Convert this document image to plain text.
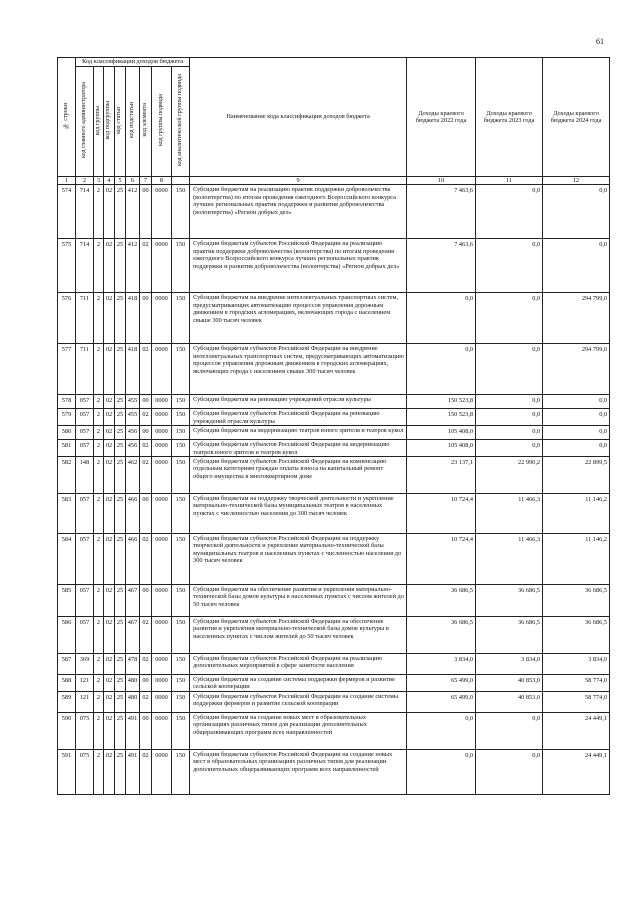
61
№ строки	Код классификации доходов бюджета								Наименование кода классификации доходов бюджета	Доходы краевого бюджета 2022 года	Доходы краевого бюджета 2023 года	Доходы краевого бюджета 2024 года
	код главного администратора	код группы	код подгруппы	код статьи	код подстатьи	код элемента	код группы подвида	код аналитической группы подвида				
1	2	3	4	5	6	7	8		9	10	11	12
574	714	2	02	25	412	00	0000	150	Субсидии бюджетам на реализацию практик поддержки добровольчества (волонтерства) по итогам проведения ежегодного Всероссийского конкурса лучших региональных практик поддержки и развития добровольчества (волонтерства) «Регион добрых дел»	7 463,6	0,0	0,0
575	714	2	02	25	412	02	0000	150	Субсидии бюджетам субъектов Российской Федерации на реализацию практик поддержки добровольчества (волонтерства) по итогам проведения ежегодного Всероссийского конкурса лучших региональных практик поддержки и развития добровольчества (волонтерства) «Регион добрых дел»	7 463,6	0,0	0,0
576	711	2	02	25	418	00	0000	150	Субсидии бюджетам на внедрение интеллектуальных транспортных систем, предусматривающих автоматизацию процессов управления дорожным движением в городских агломерациях, включающих города с населением свыше 300 тысяч человек	0,0	0,0	294 799,0
577	711	2	02	25	418	02	0000	150	Субсидии бюджетам субъектов Российской Федерации на внедрение интеллектуальных транспортных систем, предусматривающих автоматизацию процессов управления дорожным движением в городских агломерациях, включающих города с населением свыше 300 тысяч человек	0,0	0,0	294 799,0
578	057	2	02	25	455	00	0000	150	Субсидии бюджетам на реновацию учреждений отрасли культуры	150 523,8	0,0	0,0
579	057	2	02	25	455	02	0000	150	Субсидии бюджетам субъектов Российской Федерации на реновацию учреждений отрасли культуры	150 523,8	0,0	0,0
580	057	2	02	25	456	00	0000	150	Субсидии бюджетам на модернизацию театров юного зрителя и театров кукол	105 408,0	0,0	0,0
581	057	2	02	25	456	02	0000	150	Субсидии бюджетам субъектов Российской Федерации на модернизацию театров юного зрителя и театров кукол	105 408,0	0,0	0,0
582	148	2	02	25	462	02	0000	150	Субсидии бюджетам субъектов Российской Федерации на компенсацию отдельным категориям граждан оплаты взноса на капитальный ремонт общего имущества в многоквартирном доме	23 137,1	22 990,2	22 899,5
583	057	2	02	25	466	00	0000	150	Субсидии бюджетам на поддержку творческой деятельности и укрепление материально-технической базы муниципальных театров в населенных пунктах с численностью населения до 300 тысяч человек	10 724,4	11 466,3	11 146,2
584	057	2	02	25	466	02	0000	150	Субсидии бюджетам субъектов Российской Федерации на поддержку творческой деятельности и укрепление материально-технической базы муниципальных театров в населенных пунктах с численностью населения до 300 тысяч человек	10 724,4	11 466,3	11 146,2
585	057	2	02	25	467	00	0000	150	Субсидии бюджетам на обеспечение развития и укрепления материально-технической базы домов культуры в населенных пунктах с числом жителей до 50 тысяч человек	36 686,5	36 686,5	36 686,5
586	057	2	02	25	467	02	0000	150	Субсидии бюджетам субъектов Российской Федерации на обеспечение развития и укрепления материально-технической базы домов культуры в населенных пунктах с числом жителей до 50 тысяч человек	36 686,5	36 686,5	36 686,5
587	369	2	02	25	478	02	0000	150	Субсидии бюджетам субъектов Российской Федерации на реализацию дополнительных мероприятий в сфере занятости населения	3 834,0	3 834,0	3 834,0
588	121	2	02	25	480	00	0000	150	Субсидии бюджетам на создание системы поддержки фермеров и развитие сельской кооперации	65 499,0	40 853,0	58 774,0
589	121	2	02	25	480	02	0000	150	Субсидии бюджетам субъектов Российской Федерации на создание системы поддержки фермеров и развитие сельской кооперации	65 499,0	40 853,0	58 774,0
590	075	2	02	25	491	00	0000	150	Субсидии бюджетам на создание новых мест в образовательных организациях различных типов для реализации дополнительных общеразвивающих программ всех направленностей	0,0	0,0	24 449,1
591	075	2	02	25	491	02	0000	150	Субсидии бюджетам субъектов Российской Федерации на создание новых мест в образовательных организациях различных типов для реализации дополнительных общеразвивающих программ всех направленностей	0,0	0,0	24 449,1
